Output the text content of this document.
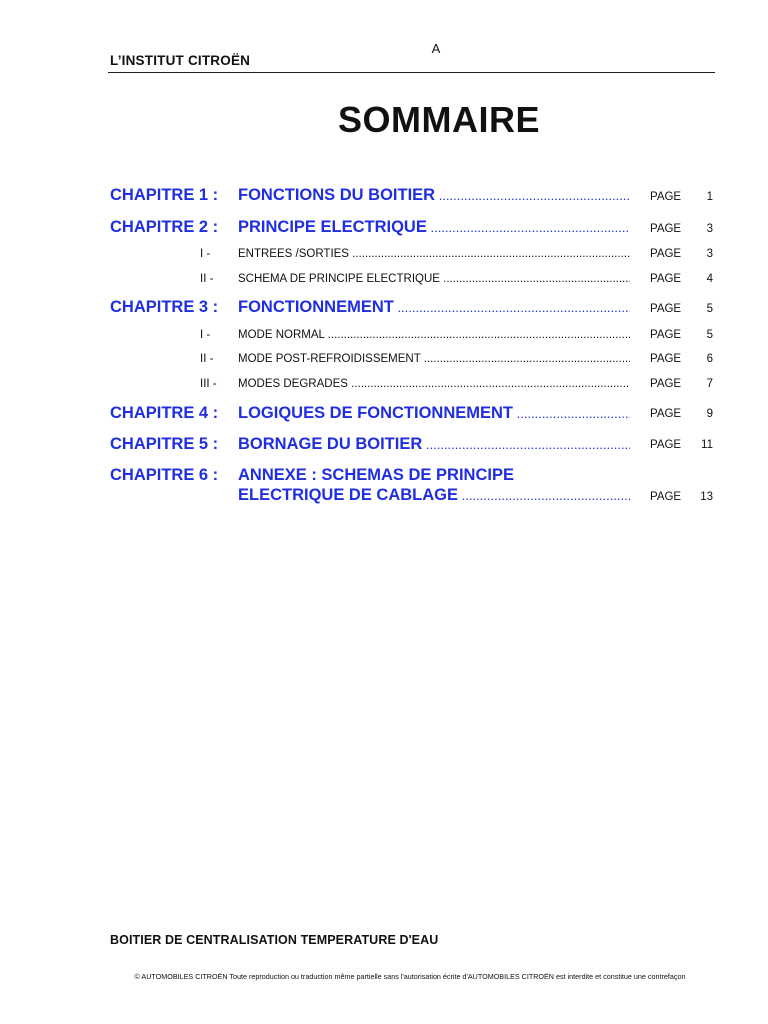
A
L’INSTITUT CITROËN
SOMMAIRE
CHAPITRE 1 : FONCTIONS DU BOITIER .....	PAGE	1
CHAPITRE 2 : PRINCIPE ELECTRIQUE .....	PAGE	3
I - ENTREES /SORTIES .....	PAGE	3
II - SCHEMA DE PRINCIPE ELECTRIQUE .....	PAGE	4
CHAPITRE 3 : FONCTIONNEMENT .....	PAGE	5
I - MODE NORMAL .....	PAGE	5
II - MODE POST-REFROIDISSEMENT .....	PAGE	6
III - MODES DEGRADES .....	PAGE	7
CHAPITRE 4 : LOGIQUES DE FONCTIONNEMENT .....	PAGE	9
CHAPITRE 5 : BORNAGE DU BOITIER .....	PAGE	11
CHAPITRE 6 : ANNEXE : SCHEMAS DE PRINCIPE
ELECTRIQUE DE CABLAGE .....	PAGE	13
BOITIER DE CENTRALISATION TEMPERATURE D'EAU
© AUTOMOBILES CITROËN Toute reproduction ou traduction même partielle sans l'autorisation écrite d'AUTOMOBILES CITROËN est interdite et constitue une contrefaçon
